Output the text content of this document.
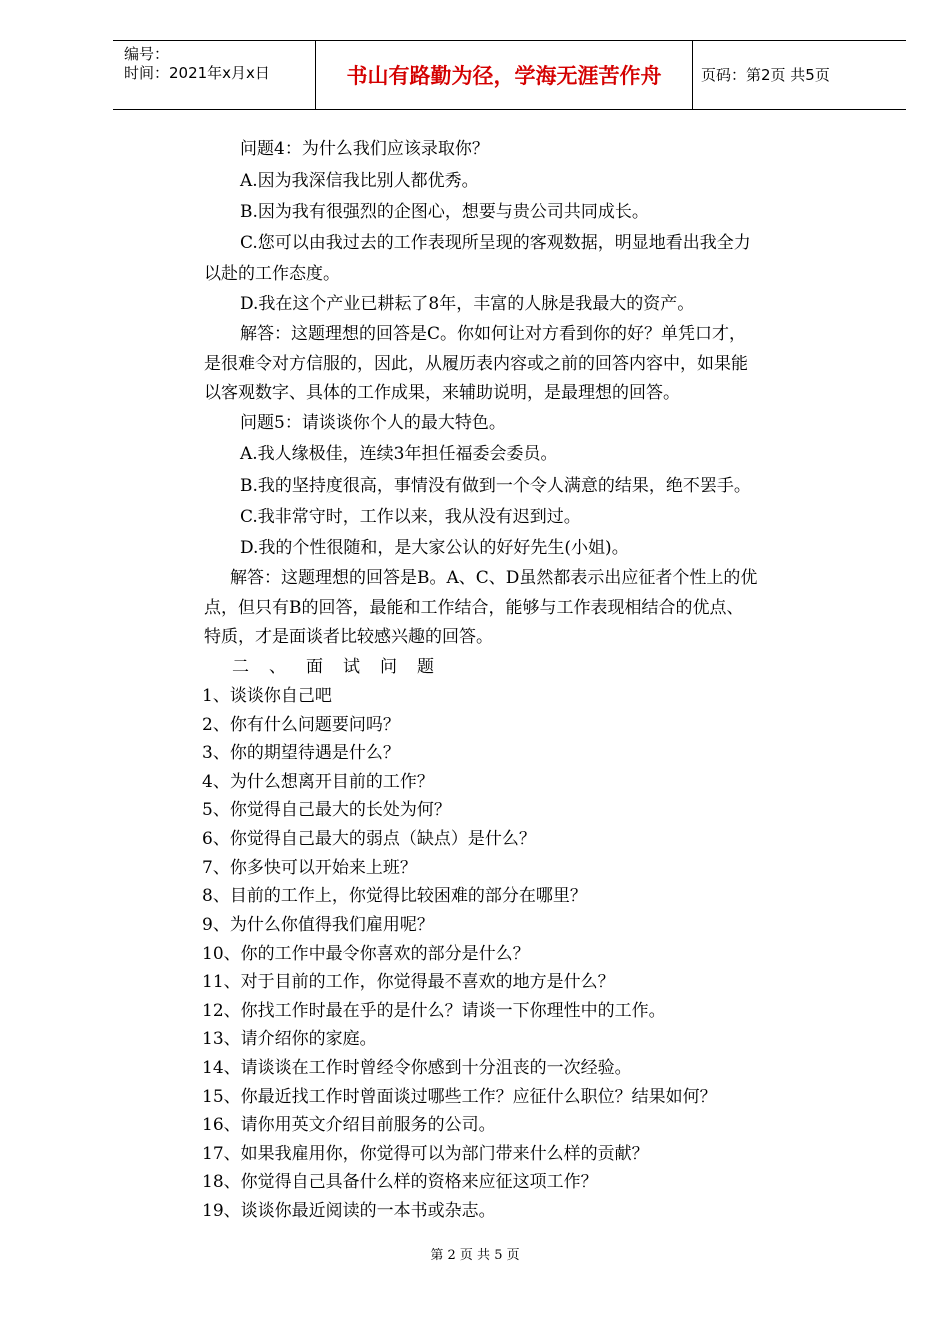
编号：
时间：2021年x月x日	书山有路勤为径，学海无涯苦作舟	页码：第2页 共5页
问题4：为什么我们应该录取你？
A.因为我深信我比别人都优秀。
B.因为我有很强烈的企图心，想要与贵公司共同成长。
C.您可以由我过去的工作表现所呈现的客观数据，明显地看出我全力
以赴的工作态度。
D.我在这个产业已耕耘了8年，丰富的人脉是我最大的资产。
解答：这题理想的回答是C。你如何让对方看到你的好？单凭口才，
是很难令对方信服的，因此，从履历表内容或之前的回答内容中，如果能
以客观数字、具体的工作成果，来辅助说明，是最理想的回答。
问题5：请谈谈你个人的最大特色。
A.我人缘极佳，连续3年担任福委会委员。
B.我的坚持度很高，事情没有做到一个令人满意的结果，绝不罢手。
C.我非常守时，工作以来，我从没有迟到过。
D.我的个性很随和，是大家公认的好好先生(小姐)。
解答：这题理想的回答是B。A、C、D虽然都表示出应征者个性上的优
点，但只有B的回答，最能和工作结合，能够与工作表现相结合的优点、
特质，才是面谈者比较感兴趣的回答。
二、面试问题
1、谈谈你自己吧
2、你有什么问题要问吗？
3、你的期望待遇是什么？
4、为什么想离开目前的工作？
5、你觉得自己最大的长处为何？
6、你觉得自己最大的弱点（缺点）是什么？
7、你多快可以开始来上班？
8、目前的工作上，你觉得比较困难的部分在哪里？
9、为什么你值得我们雇用呢？
10、你的工作中最令你喜欢的部分是什么？
11、对于目前的工作，你觉得最不喜欢的地方是什么？
12、你找工作时最在乎的是什么？请谈一下你理性中的工作。
13、请介绍你的家庭。
14、请谈谈在工作时曾经令你感到十分沮丧的一次经验。
15、你最近找工作时曾面谈过哪些工作？应征什么职位？结果如何？
16、请你用英文介绍目前服务的公司。
17、如果我雇用你，你觉得可以为部门带来什么样的贡献？
18、你觉得自己具备什么样的资格来应征这项工作？
19、谈谈你最近阅读的一本书或杂志。
第 2 页 共 5 页
